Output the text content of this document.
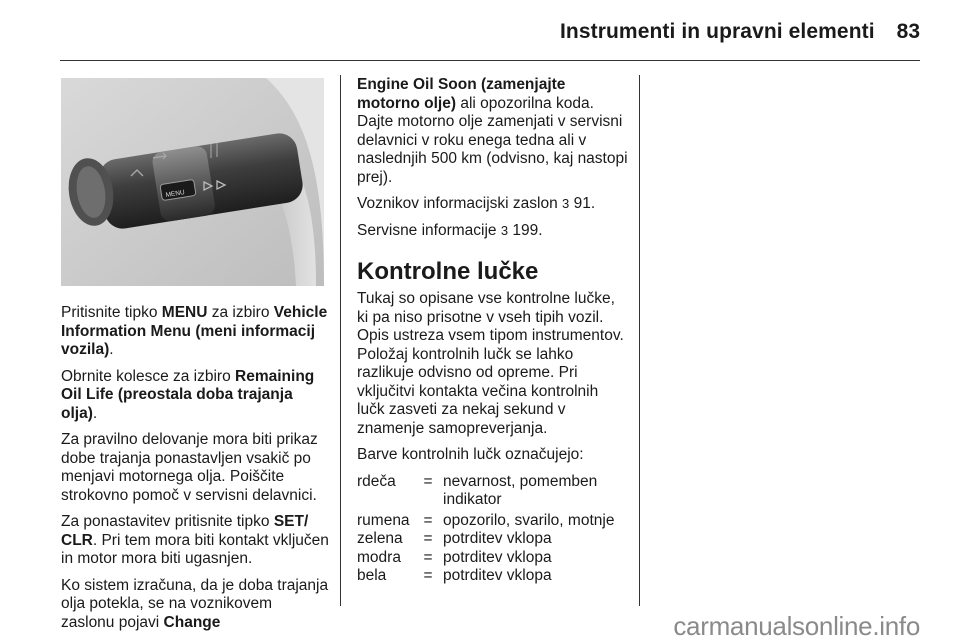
Instrumenti in upravni elementi 83
MENU

Pritisnite tipko MENU za izbiro Vehicle Information Menu (meni informacij vozila).

Obrnite kolesce za izbiro Remaining Oil Life (preostala doba trajanja olja).

Za pravilno delovanje mora biti prikaz dobe trajanja ponastavljen vsakič po menjavi motornega olja. Poiščite strokovno pomoč v servisni delavnici.

Za ponastavitev pritisnite tipko SET/ CLR. Pri tem mora biti kontakt vključen in motor mora biti ugasnjen.

Ko sistem izračuna, da je doba trajanja olja potekla, se na voznikovem zaslonu pojavi Change

Engine Oil Soon (zamenjajte motorno olje) ali opozorilna koda. Dajte motorno olje zamenjati v servisni delavnici v roku enega tedna ali v naslednjih 500 km (odvisno, kaj nastopi prej).

Voznikov informacijski zaslon 3 91.

Servisne informacije 3 199.

Kontrolne lučke

Tukaj so opisane vse kontrolne lučke, ki pa niso prisotne v vseh tipih vozil. Opis ustreza vsem tipom instrumentov. Položaj kontrolnih lučk se lahko razlikuje odvisno od opreme. Pri vključitvi kontakta večina kontrolnih lučk zasveti za nekaj sekund v znamenje samopreverjanja.

Barve kontrolnih lučk označujejo:

rdeča	=	nevarnost, pomemben indikator
rumena	=	opozorilo, svarilo, motnje
zelena	=	potrditev vklopa
modra	=	potrditev vklopa
bela	=	potrditev vklopa
carmanualsonline.info
